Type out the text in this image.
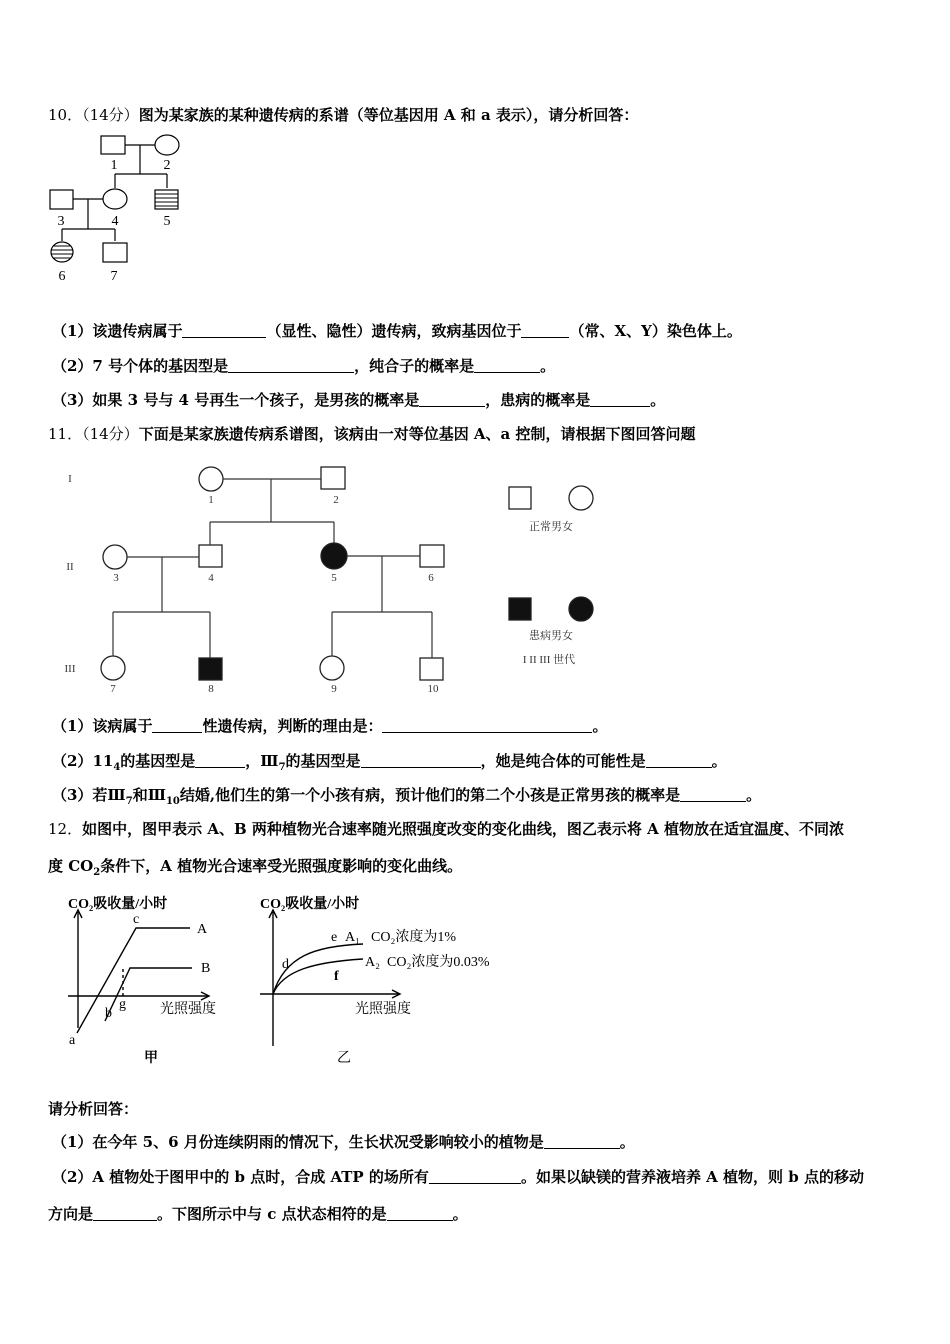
10．（14分）图为某家族的某种遗传病的系谱（等位基因用 A 和 a 表示），请分析回答：
1	2
3	4	5
6	7
（1）该遗传病属于	（显性、隐性）遗传病，致病基因位于	（常、X、Y）染色体上。
（2）7 号个体的基因型是	，纯合子的概率是	。
（3）如果 3 号与 4 号再生一个孩子，是男孩的概率是	，患病的概率是	。
11．（14分）下面是某家族遗传病系谱图，该病由一对等位基因 A、a 控制，请根据下图回答问题
I
II
III
1	2
3	4	5	6
7	8	9	10
正常男女
患病男女
I II III 世代
（1）该病属于	性遗传病，判断的理由是：	。
$(2)11_4$的基因型是	，$Ⅲ_7$的基因型是	，她是纯合体的可能性是	。
（3）若$Ⅲ_7$和$Ⅲ_{10}$结婚,他们生的第一个小孩有病，预计他们的第二个小孩是正常男孩的概率是	。
12．如图中，图甲表示 A、B 两种植物光合速率随光照强度改变的变化曲线，图乙表示将 A 植物放在适宜温度、不同浓
度 $CO_2$条件下，A 植物光合速率受光照强度影响的变化曲线。
CO₂吸收量/小时
光照强度
甲
a
b
c
g
A
B
CO₂吸收量/小时
光照强度
乙
d
e
f
A₁ CO₂浓度为1%
A₂ CO₂浓度为0.03%
请分析回答：
（1）在今年 5、6 月份连续阴雨的情况下，生长状况受影响较小的植物是	。
（2）A 植物处于图甲中的 b 点时，合成 ATP 的场所有	。如果以缺镁的营养液培养 A 植物，则 b 点的移动
方向是	。下图所示中与 c 点状态相符的是	。
